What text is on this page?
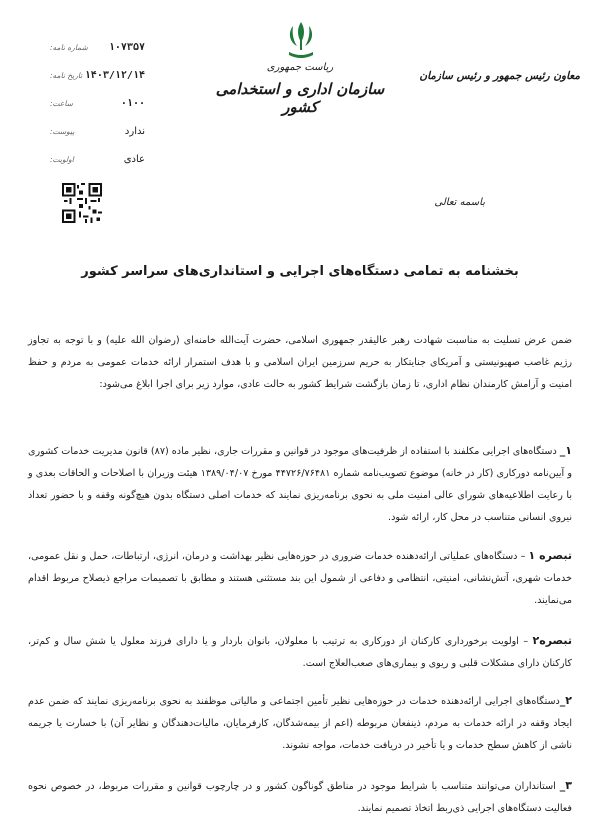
ریاست جمهوری
سازمان اداری و استخدامی کشور
معاون رئیس جمهور و رئیس سازمان
۱۰۷۳۵۷
شماره نامه:
۱۴۰۳/۱۲/۱۴
تاریخ نامه:
۰۱۰۰
ساعت:
ندارد
پیوست:
عادی
اولویت:
باسمه تعالی
بخشنامه به تمامی دستگاه‌های اجرایی و استانداری‌های سراسر کشور
ضمن عرض تسلیت به مناسبت شهادت رهبر عالیقدر جمهوری اسلامی، حضرت آیت‌الله خامنه‌ای (رضوان الله علیه) و با توجه به تجاوز رژیم غاصب صهیونیستی و آمریکای جنایتکار به حریم سرزمین ایران اسلامی و با هدف استمرار ارائه خدمات عمومی به مردم و حفظ امنیت و آرامش کارمندان نظام اداری، تا زمان بازگشت شرایط کشور به حالت عادی، موارد زیر برای اجرا ابلاغ می‌شود:
۱_ دستگاه‌های اجرایی مکلفند با استفاده از ظرفیت‌های موجود در قوانین و مقررات جاری، نظیر ماده (۸۷) قانون مدیریت خدمات کشوری و آیین‌نامه دورکاری (کار در خانه) موضوع تصویب‌نامه شماره ۴۴۷۲۶/۷۶۴۸۱ مورخ ۱۳۸۹/۰۴/۰۷ هیئت وزیران با اصلاحات و الحاقات بعدی و با رعایت اطلاعیه‌های شورای عالی امنیت ملی به نحوی برنامه‌ریزی نمایند که خدمات اصلی دستگاه بدون هیچ‌گونه وقفه و با حضور تعداد نیروی انسانی متناسب در محل کار، ارائه شود.
تبصره ۱ – دستگاه‌های عملیاتی ارائه‌دهنده خدمات ضروری در حوزه‌هایی نظیر بهداشت و درمان، انرژی، ارتباطات، حمل و نقل عمومی، خدمات شهری، آتش‌نشانی، امنیتی، انتظامی و دفاعی از شمول این بند مستثنی هستند و مطابق با تصمیمات مراجع ذیصلاح مربوط اقدام می‌نمایند.
تبصره۲ – اولویت برخورداری کارکنان از دورکاری به ترتیب با معلولان، بانوان باردار و یا دارای فرزند معلول یا شش سال و کم‌تر، کارکنان دارای مشکلات قلبی و ریوی و بیماری‌های صعب‌العلاج است.
۲_دستگاه‌های اجرایی ارائه‌دهنده خدمات در حوزه‌هایی نظیر تأمین اجتماعی و مالیاتی موظفند به نحوی برنامه‌ریزی نمایند که ضمن عدم ایجاد وقفه در ارائه خدمات به مردم، ذینفعان مربوطه (اعم از بیمه‌شدگان، کارفرمایان، مالیات‌دهندگان و نظایر آن) با خسارت یا جریمه ناشی از کاهش سطح خدمات و یا تأخیر در دریافت خدمات، مواجه نشوند.
۳_ استانداران می‌توانند متناسب با شرایط موجود در مناطق گوناگون کشور و در چارچوب قوانین و مقررات مربوط، در خصوص نحوه فعالیت دستگاه‌های اجرایی ذی‌ربط اتخاذ تصمیم نمایند.
